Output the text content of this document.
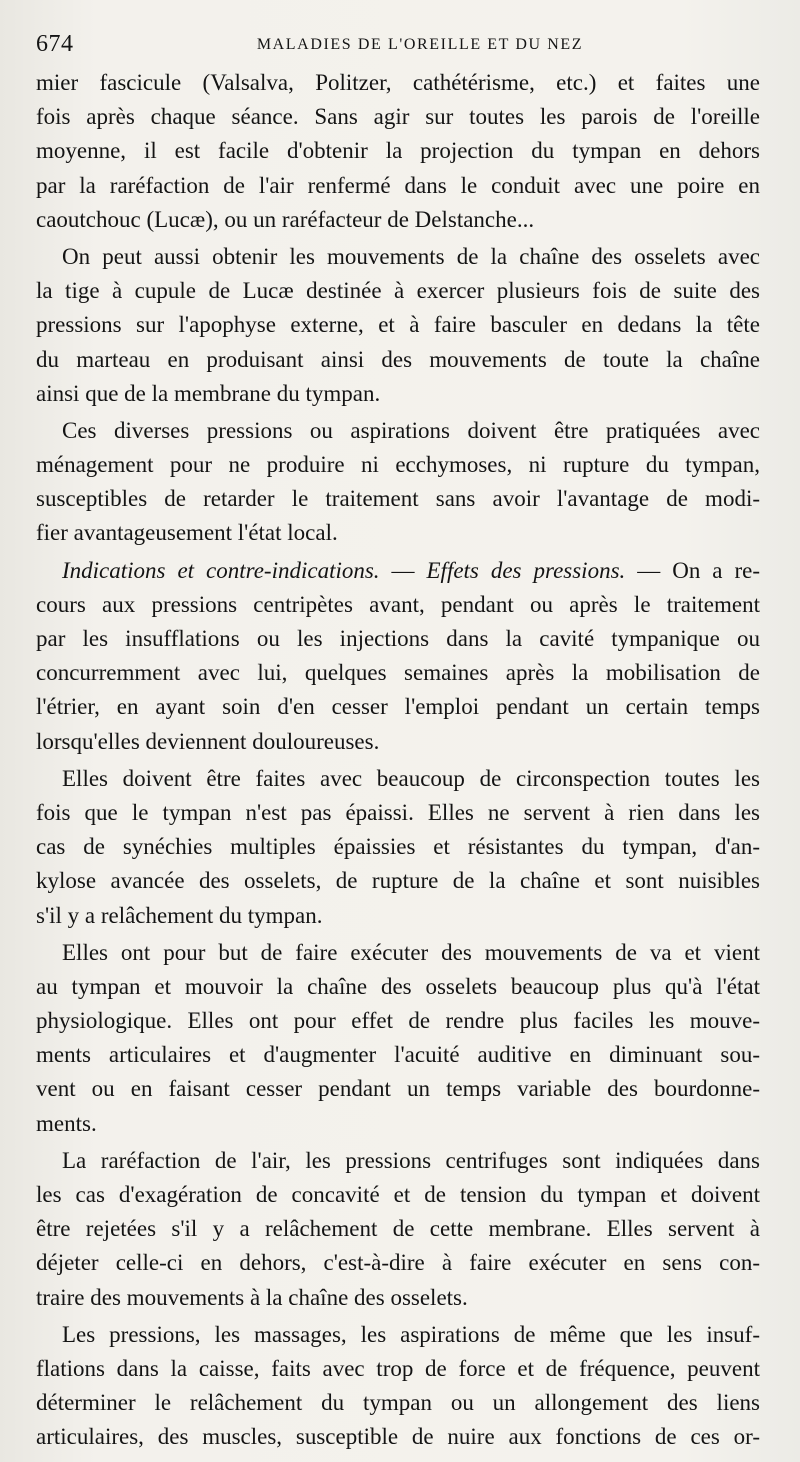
674	MALADIES DE L'OREILLE ET DU NEZ
mier fascicule (Valsalva, Politzer, cathétérisme, etc.) et faites une
fois après chaque séance. Sans agir sur toutes les parois de l'oreille
moyenne, il est facile d'obtenir la projection du tympan en dehors
par la raréfaction de l'air renfermé dans le conduit avec une poire en
caoutchouc (Lucæ), ou un raréfacteur de Delstanche...
On peut aussi obtenir les mouvements de la chaîne des osselets avec
la tige à cupule de Lucæ destinée à exercer plusieurs fois de suite des
pressions sur l'apophyse externe, et à faire basculer en dedans la tête
du marteau en produisant ainsi des mouvements de toute la chaîne
ainsi que de la membrane du tympan.
Ces diverses pressions ou aspirations doivent être pratiquées avec
ménagement pour ne produire ni ecchymoses, ni rupture du tympan,
susceptibles de retarder le traitement sans avoir l'avantage de modi-
fier avantageusement l'état local.
Indications et contre-indications. — Effets des pressions. — On a re-
cours aux pressions centripètes avant, pendant ou après le traitement
par les insufflations ou les injections dans la cavité tympanique ou
concurremment avec lui, quelques semaines après la mobilisation de
l'étrier, en ayant soin d'en cesser l'emploi pendant un certain temps
lorsqu'elles deviennent douloureuses.
Elles doivent être faites avec beaucoup de circonspection toutes les
fois que le tympan n'est pas épaissi. Elles ne servent à rien dans les
cas de synéchies multiples épaissies et résistantes du tympan, d'an-
kylose avancée des osselets, de rupture de la chaîne et sont nuisibles
s'il y a relâchement du tympan.
Elles ont pour but de faire exécuter des mouvements de va et vient
au tympan et mouvoir la chaîne des osselets beaucoup plus qu'à l'état
physiologique. Elles ont pour effet de rendre plus faciles les mouve-
ments articulaires et d'augmenter l'acuité auditive en diminuant sou-
vent ou en faisant cesser pendant un temps variable des bourdonne-
ments.
La raréfaction de l'air, les pressions centrifuges sont indiquées dans
les cas d'exagération de concavité et de tension du tympan et doivent
être rejetées s'il y a relâchement de cette membrane. Elles servent à
déjeter celle-ci en dehors, c'est-à-dire à faire exécuter en sens con-
traire des mouvements à la chaîne des osselets.
Les pressions, les massages, les aspirations de même que les insuf-
flations dans la caisse, faits avec trop de force et de fréquence, peuvent
déterminer le relâchement du tympan ou un allongement des liens
articulaires, des muscles, susceptible de nuire aux fonctions de ces or-
